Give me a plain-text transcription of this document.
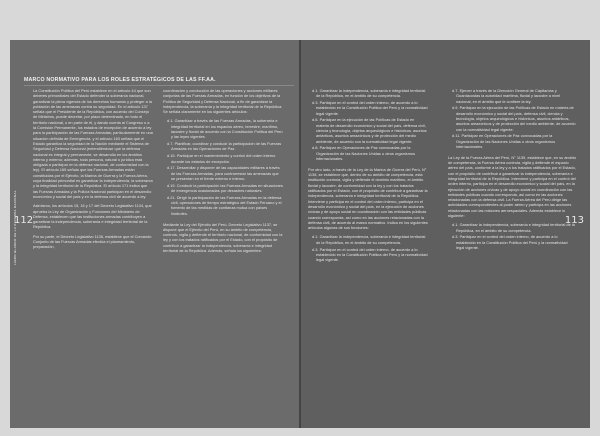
LIBRO BLANCO DE LA DEFENSA NACIONAL
112
MARCO NORMATIVO PARA LOS ROLES ESTRATÉGICOS DE LAS FF.AA.

La Constitución Política del Perú establece en el artículo 44 que son deberes primordiales del Estado defender la soberanía nacional, garantizar la plena vigencia de los derechos humanos y proteger a la población de las amenazas contra su seguridad. En el artículo 137 señala que el Presidente de la República, con acuerdo del Consejo de Ministros, puede decretar, por plazo determinado, en todo el territorio nacional, o en parte de él, y dando cuenta al Congreso o a la Comisión Permanente, los estados de excepción de acuerdo a ley para la participación de las Fuerzas Armadas; particularmente en una situación definida de Emergencia, y el artículo 163 señala que el Estado garantiza la seguridad de la Nación mediante el Sistema de Seguridad y Defensa Nacional (entendiéndose que la defensa nacional es integral y permanente, se desarrolla en los ámbitos interno y externo; además, toda persona, natural o jurídica está obligada a participar en la defensa nacional, de conformidad con la ley). El artículo 165 señala que las Fuerzas Armadas están constituidas por el Ejército, la Marina de Guerra y la Fuerza Aérea, cuya finalidad primordial es garantizar la independencia, la soberanía y la integridad territorial de la República. El artículo 171 indica que las Fuerzas Armadas y la Policía Nacional participan en el desarrollo económico y social del país y en la defensa civil de acuerdo a ley.

Asimismo, los artículos 15, 16 y 17 del Decreto Legislativo 1134, que aprueba la Ley de Organización y Funciones del Ministerio de Defensa, establecen que las instituciones armadas contribuyen a garantizar la independencia, soberanía e integridad territorial de la República.

Por su parte, el Decreto Legislativo 1136, establece que el Comando Conjunto de las Fuerzas Armadas efectúa el planeamiento, preparación,

coordinación y conducción de las operaciones y acciones militares conjuntas de las Fuerzas Armadas, en función de los objetivos de la Política de Seguridad y Defensa Nacional, a fin de garantizar la independencia, la soberanía y la integridad territorial de la República. Se señala claramente en los siguientes artículos:

d.1. Garantizar a través de las Fuerzas Armadas, la soberanía e integridad territorial en los espacios aéreo, terrestre, marítimo, lacustre y fluvial de acuerdo con la Constitución Política del Perú y las leyes vigentes.
d.7. Planificar, coordinar y conducir la participación de las Fuerzas Armadas en las Operaciones de Paz.
d.15. Participar en el mantenimiento y control del orden interno durante los estados de excepción.
d.17. Desarrollar y disponer de las capacidades militares a través de las Fuerzas Armadas, para contrarrestar las amenazas que se presentan en el frente externo e interno.
d.19. Conducir la participación las Fuerzas Armadas en situaciones de emergencia ocasionadas por desastres naturales.
d.21. Dirigir la participación de las Fuerzas Armadas en la defensa civil, operaciones de tiempo estratégico del Estado Peruano y el fomento de las medidas de confianza mutua con países limítrofes.

Mediante la Ley del Ejército del Perú, Decreto Legislativo 1137, se dispone que el Ejército del Perú, en su ámbito de competencia, controla, vigila y defiende el territorio nacional, de conformidad con la ley y con los tratados ratificados por el Estado, con el propósito de contribuir a garantizar la independencia, soberanía e integridad territorial de la República. Además, señala los siguientes:

113
d.1. Garantizar la independencia, soberanía e integridad territorial de la República, en el ámbito de su competencia.
d.3. Participar en el control del orden interno, de acuerdo a lo establecido en la Constitución Política del Perú y la normatividad legal vigente.
d.6. Participar en la ejecución de las Políticas de Estado en materia de desarrollo económico y social del país, defensa civil, ciencia y tecnología, objetos arqueológicos e históricos, asuntos antárticos, asuntos amazónicos y de protección del medio ambiente, de acuerdo con la normatividad legal vigente.
d.8. Participar en Operaciones de Paz convocadas por la Organización de las Naciones Unidas u otros organismos internacionales.

Por otro lado, a través de la Ley de la Marina de Guerra del Perú, N° 1138, se establece que, dentro de su ámbito de competencia, esta institución controla, vigila y defiende el dominio marítimo, el ámbito fluvial y lacustre, de conformidad con la ley y con los tratados ratificados por el Estado, con el propósito de contribuir a garantizar la independencia, soberanía e integridad territorial de la República. Interviene y participa en el control del orden interno, participa en el desarrollo económico y social del país, en la ejecución de acciones cívicas y de apoyo social en coordinación con las entidades públicas cuando corresponda, así como en las acciones relacionadas con la defensa civil, de acuerdo al marco normativo. Indica en los siguientes artículos algunas de sus funciones:

d.1. Garantizar la independencia, soberanía e integridad territorial de la República, en el ámbito de su competencia.
d.3. Participar en el control del orden interno, de acuerdo a lo establecido en la Constitución Política del Perú y la normatividad legal vigente.
d.7. Ejercer a través de la Dirección General de Capitanías y Guardacostas la autoridad marítima, fluvial y lacustre a nivel nacional, en el ámbito que le confiere la ley.
d.9. Participar en la ejecución de las Políticas de Estado en materia de desarrollo económico y social del país, defensa civil, ciencia y tecnología, objetos arqueológicos e históricos, asuntos antárticos, asuntos amazónicos y de protección del medio ambiente, de acuerdo con la normatividad legal vigente.
d.11. Participar en Operaciones de Paz convocadas por la Organización de las Naciones Unidas u otros organismos internacionales.

La Ley de la Fuerza Aérea del Perú, N° 1139, establece que, en su ámbito de competencia, la Fuerza Aérea controla, vigila y defiende el espacio aéreo del país, conforme a la ley y a los tratados ratificados por el Estado, con el propósito de contribuir a garantizar la independencia, soberanía e integridad territorial de la República. Interviene y participa en el control del orden interno, participa en el desarrollo económico y social del país, en la ejecución de acciones cívicas y de apoyo social en coordinación con las entidades públicas cuando corresponda, así como en las acciones relacionadas con la defensa civil. La Fuerza Aérea del Perú dirige las actividades correspondientes al poder aéreo y participa en las acciones relacionadas con las misiones aeroespaciales. Además establece lo siguiente:

d.1. Garantizar la independencia, soberanía e integridad territorial de la República, en el ámbito de su competencia.
d.3. Participar en el control del orden interno, de acuerdo a lo establecido en la Constitución Política del Perú y la normatividad legal vigente.
